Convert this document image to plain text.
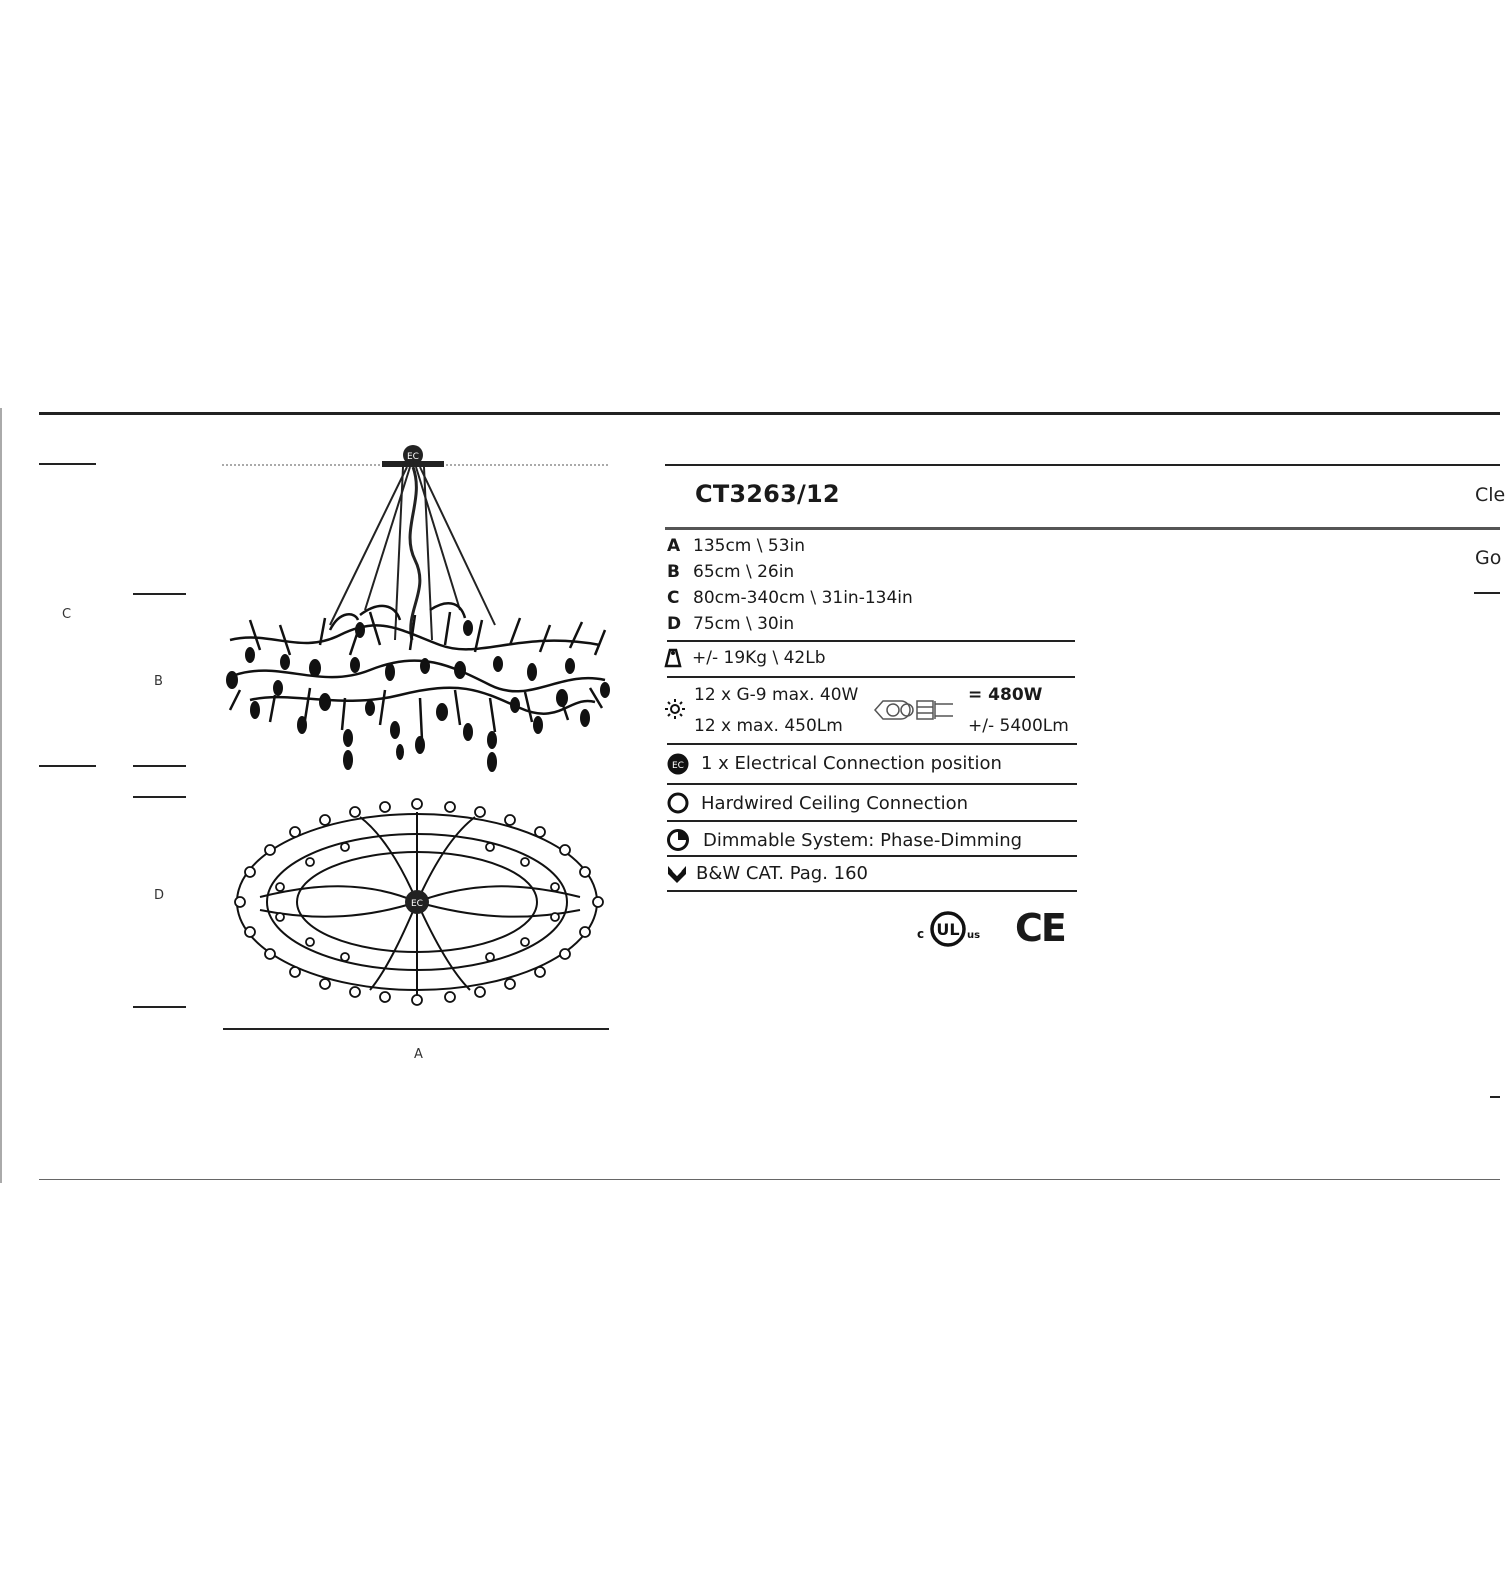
C
B
D
A
EC
EC
CT3263/12	Cle
Go
A 135cm \ 53in
B 65cm \ 26in
C 80cm-340cm \ 31in-134in
D 75cm \ 30in
+/- 19Kg \ 42Lb
12 x G-9 max. 40W
12 x max. 450Lm
= 480W
+/- 5400Lm
EC 1 x Electrical Connection position
Hardwired Ceiling Connection
Dimmable System: Phase-Dimming
B&W CAT. Pag. 160
c UL us CE
